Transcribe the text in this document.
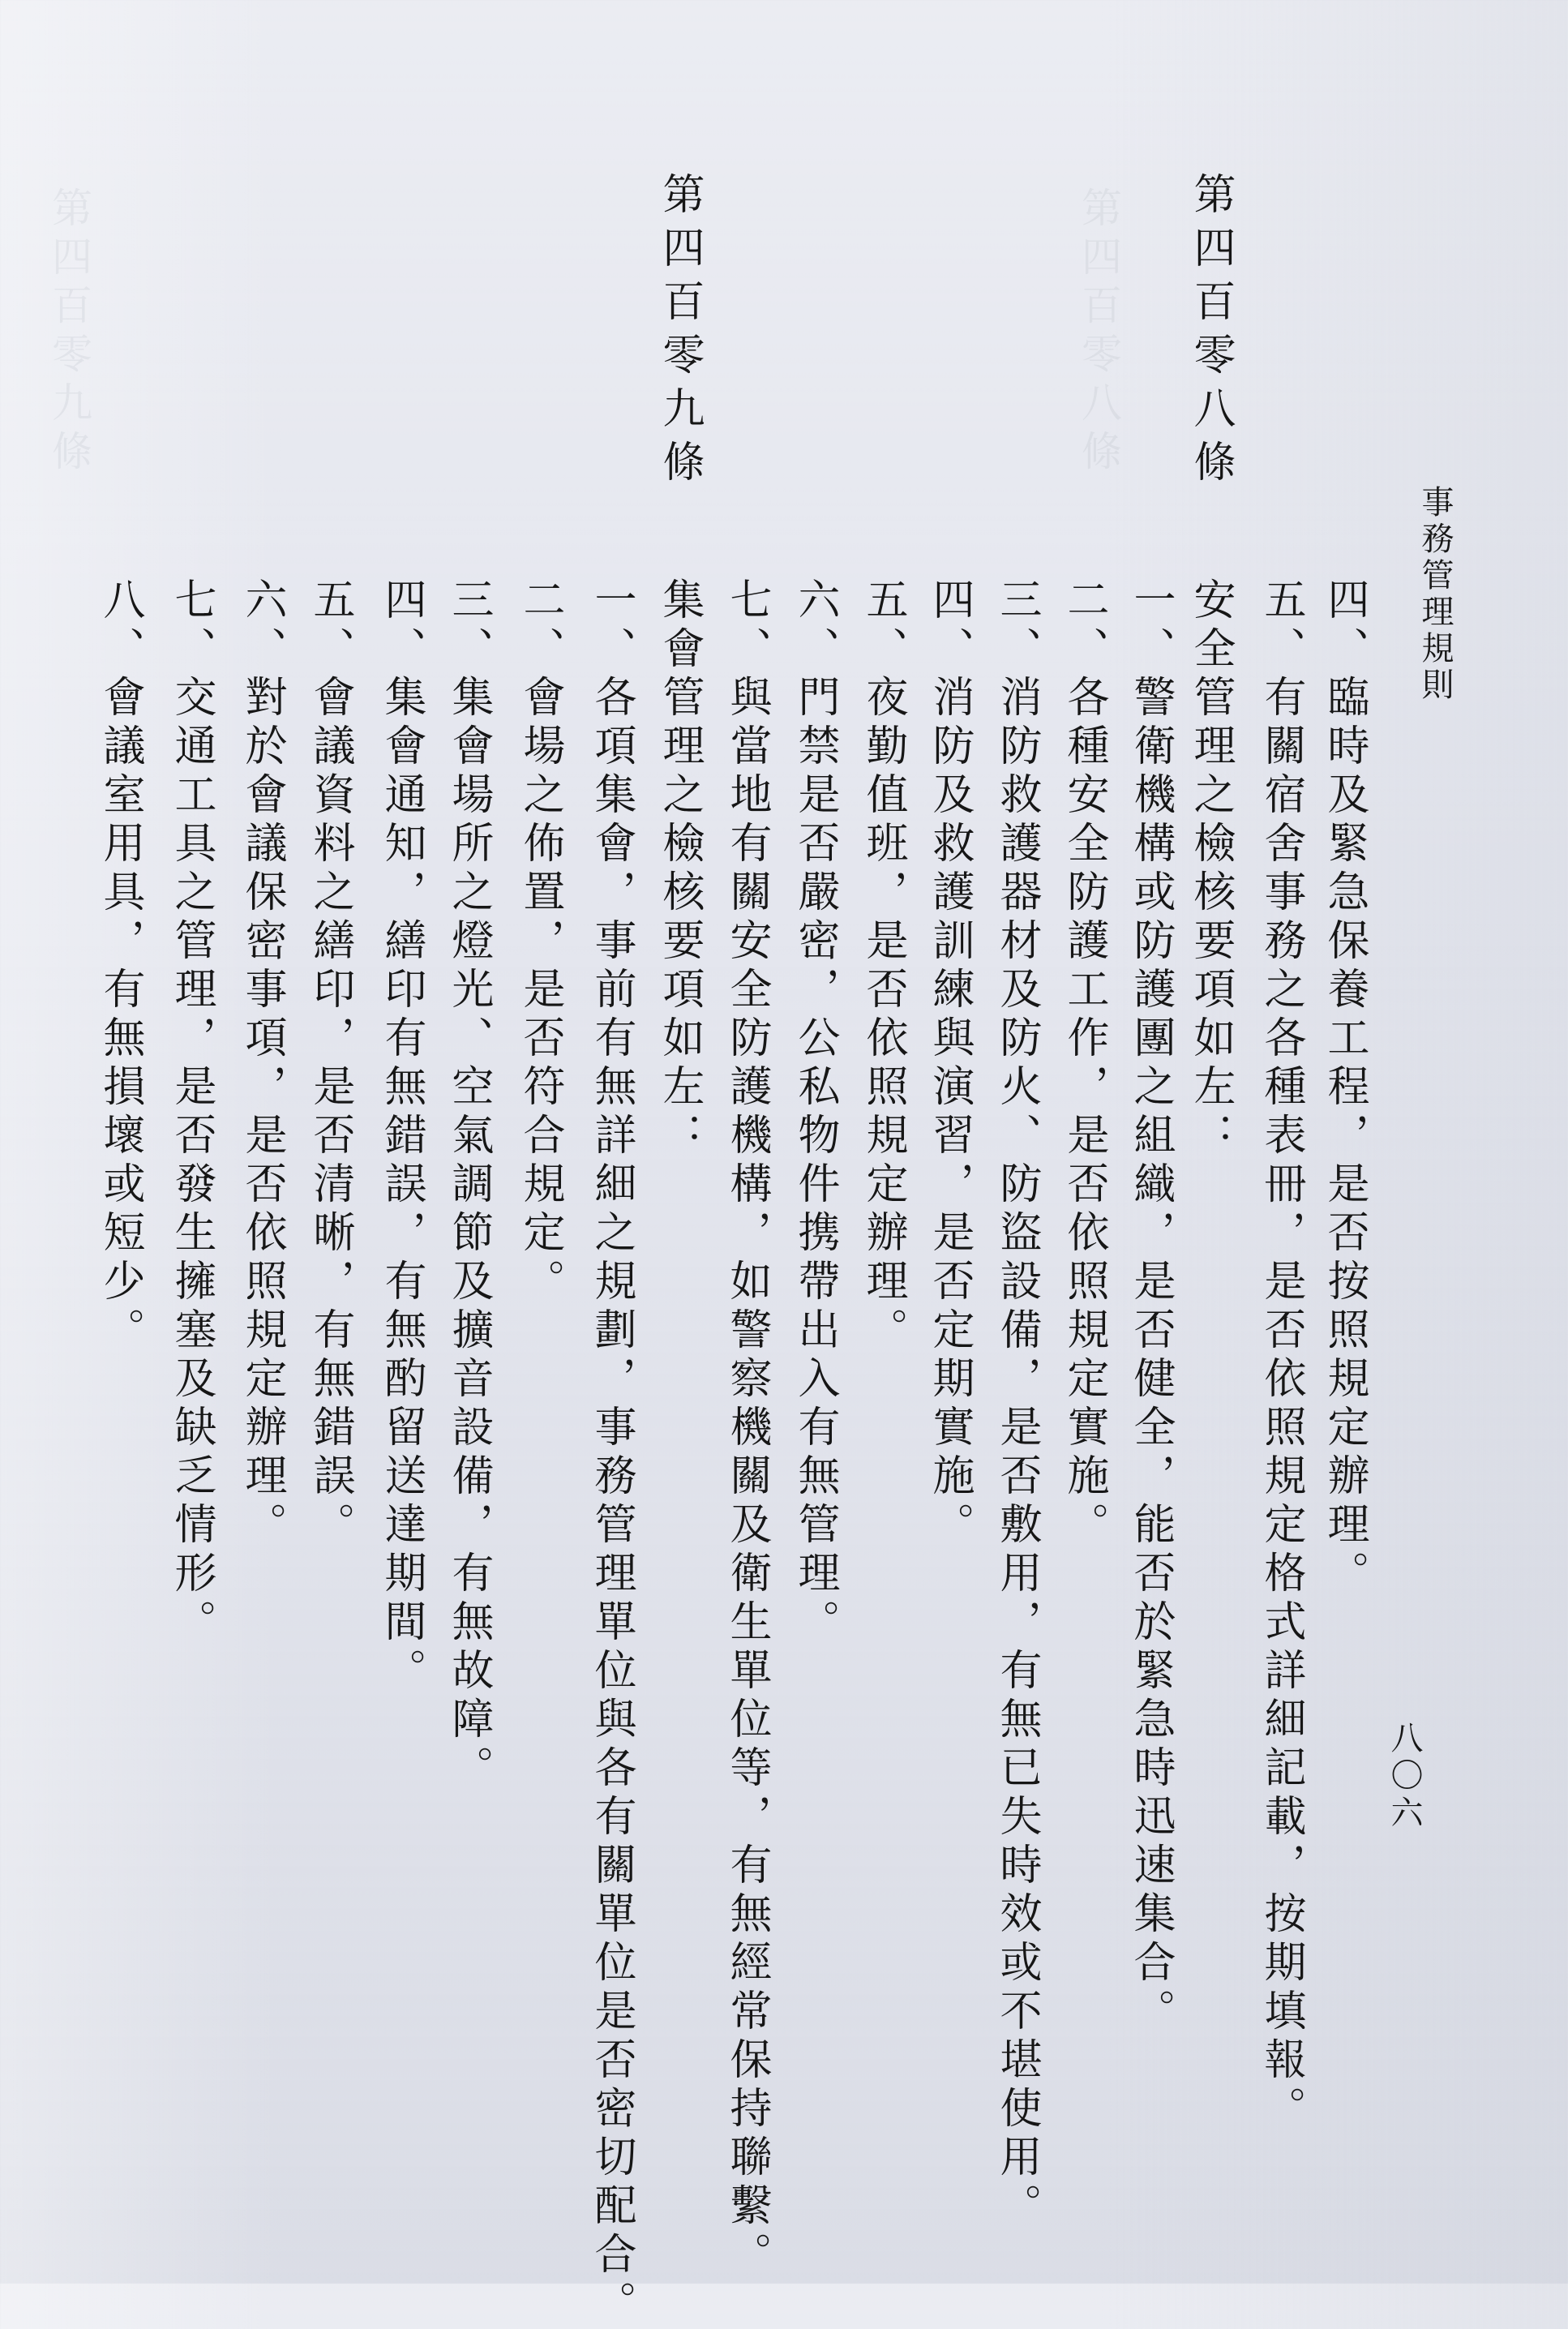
第四百零八條
第四百零九條
事務管理規則
八〇六
四、臨時及緊急保養工程，是否按照規定辦理。
五、有關宿舍事務之各種表冊，是否依照規定格式詳細記載，按期填報。
第四百零八條
安全管理之檢核要項如左：
一、警衛機構或防護團之組織，是否健全，能否於緊急時迅速集合。
二、各種安全防護工作，是否依照規定實施。
三、消防救護器材及防火、防盜設備，是否敷用，有無已失時效或不堪使用。
四、消防及救護訓練與演習，是否定期實施。
五、夜勤值班，是否依照規定辦理。
六、門禁是否嚴密，公私物件携帶出入有無管理。
七、與當地有關安全防護機構，如警察機關及衛生單位等，有無經常保持聯繫。
第四百零九條
集會管理之檢核要項如左：
一、各項集會，事前有無詳細之規劃，事務管理單位與各有關單位是否密切配合。
二、會場之佈置，是否符合規定。
三、集會場所之燈光、空氣調節及擴音設備，有無故障。
四、集會通知，繕印有無錯誤，有無酌留送達期間。
五、會議資料之繕印，是否清晰，有無錯誤。
六、對於會議保密事項，是否依照規定辦理。
七、交通工具之管理，是否發生擁塞及缺乏情形。
八、會議室用具，有無損壞或短少。
